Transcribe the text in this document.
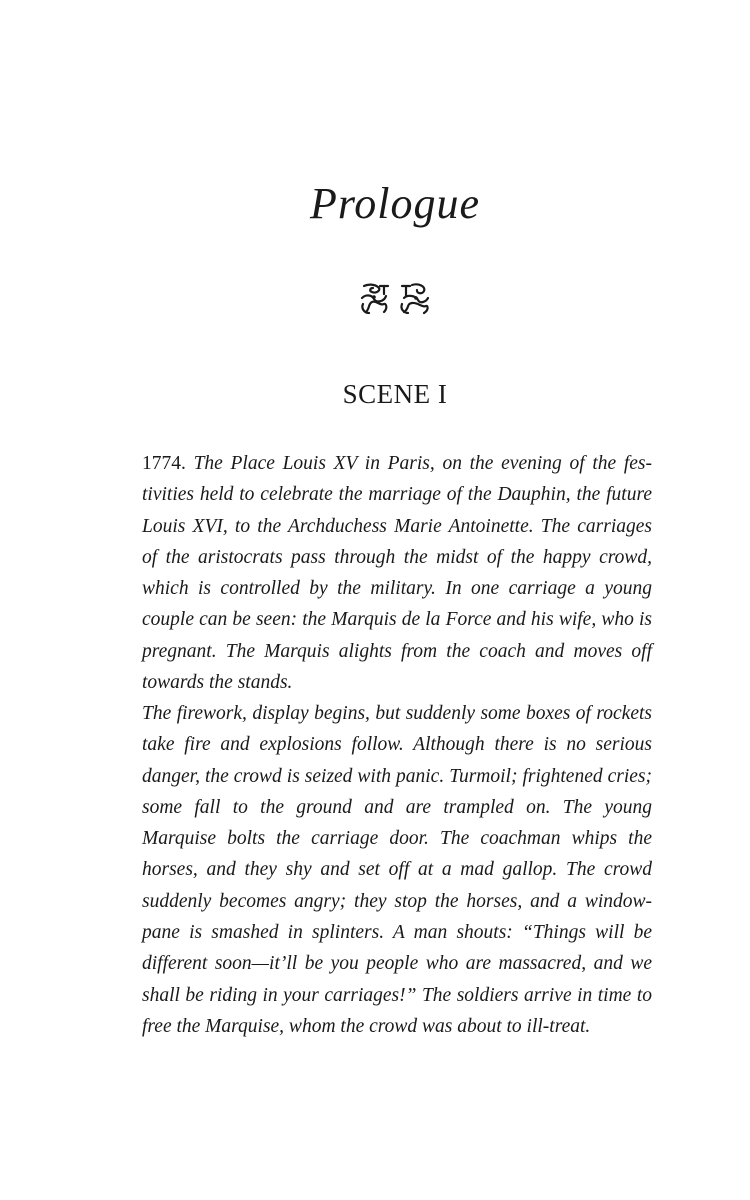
Prologue
SCENE I

1774. The Place Louis XV in Paris, on the evening of the festivities held to celebrate the marriage of the Dauphin, the future Louis XVI, to the Archduchess Marie Antoinette. The carriages of the aristocrats pass through the midst of the happy crowd, which is controlled by the military. In one carriage a young couple can be seen: the Marquis de la Force and his wife, who is pregnant. The Marquis alights from the coach and moves off towards the stands.

The firework, display begins, but suddenly some boxes of rockets take fire and explosions follow. Although there is no serious danger, the crowd is seized with panic. Turmoil; frightened cries; some fall to the ground and are trampled on. The young Marquise bolts the carriage door. The coachman whips the horses, and they shy and set off at a mad gallop. The crowd suddenly becomes angry; they stop the horses, and a window-pane is smashed in splinters. A man shouts: “Things will be different soon—it’ll be you people who are massacred, and we shall be riding in your carriages!” The soldiers arrive in time to free the Marquise, whom the crowd was about to ill-treat.
